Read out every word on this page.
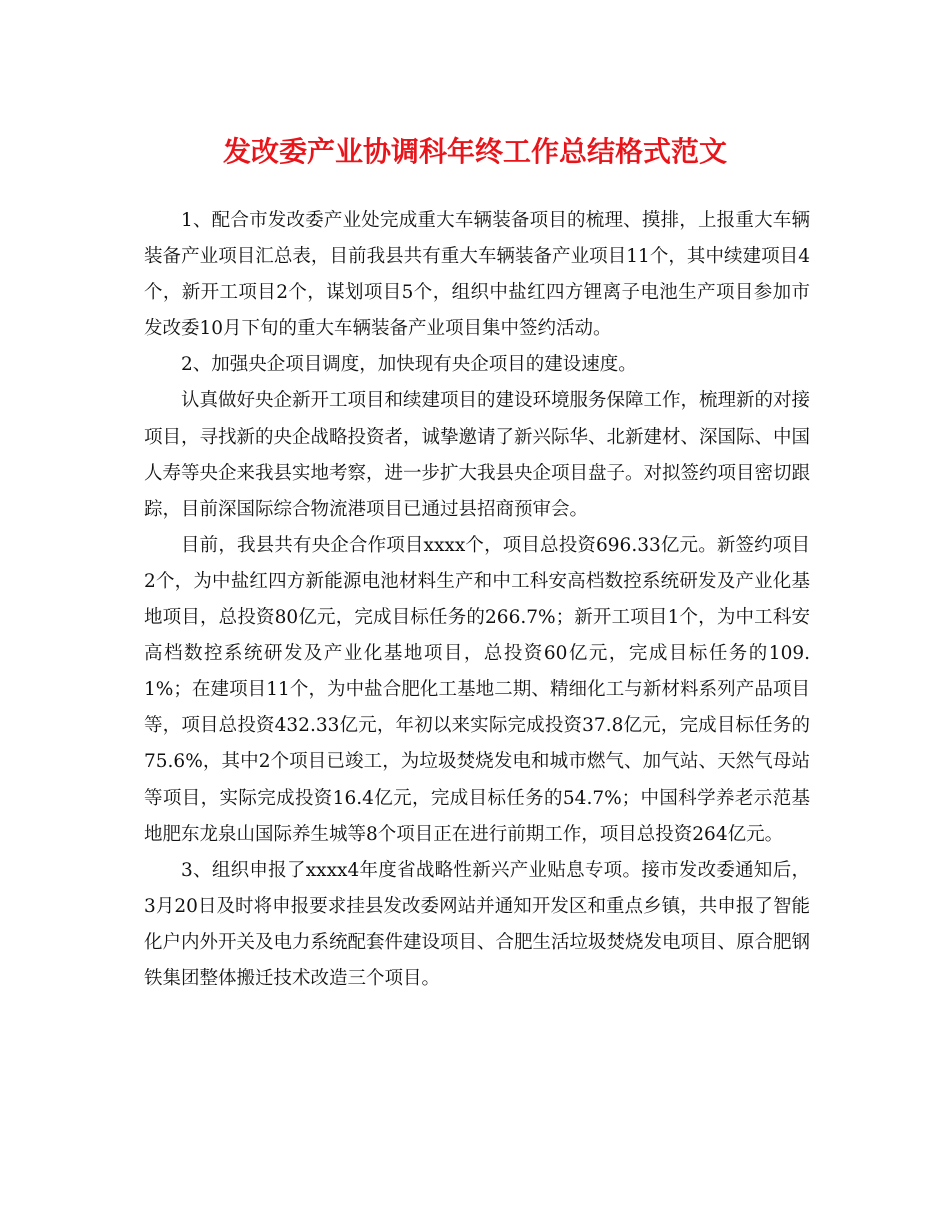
发改委产业协调科年终工作总结格式范文

1、配合市发改委产业处完成重大车辆装备项目的梳理、摸排，上报重大车辆装备产业项目汇总表，目前我县共有重大车辆装备产业项目11个，其中续建项目4个，新开工项目2个，谋划项目5个，组织中盐红四方锂离子电池生产项目参加市发改委10月下旬的重大车辆装备产业项目集中签约活动。

2、加强央企项目调度，加快现有央企项目的建设速度。

认真做好央企新开工项目和续建项目的建设环境服务保障工作，梳理新的对接项目，寻找新的央企战略投资者，诚挚邀请了新兴际华、北新建材、深国际、中国人寿等央企来我县实地考察，进一步扩大我县央企项目盘子。对拟签约项目密切跟踪，目前深国际综合物流港项目已通过县招商预审会。

目前，我县共有央企合作项目xxxx个，项目总投资696.33亿元。新签约项目2个，为中盐红四方新能源电池材料生产和中工科安高档数控系统研发及产业化基地项目，总投资80亿元，完成目标任务的266.7%；新开工项目1个，为中工科安高档数控系统研发及产业化基地项目，总投资60亿元，完成目标任务的109.1%；在建项目11个，为中盐合肥化工基地二期、精细化工与新材料系列产品项目等，项目总投资432.33亿元，年初以来实际完成投资37.8亿元，完成目标任务的75.6%，其中2个项目已竣工，为垃圾焚烧发电和城市燃气、加气站、天然气母站等项目，实际完成投资16.4亿元，完成目标任务的54.7%；中国科学养老示范基地肥东龙泉山国际养生城等8个项目正在进行前期工作，项目总投资264亿元。

3、组织申报了xxxx4年度省战略性新兴产业贴息专项。接市发改委通知后，3月20日及时将申报要求挂县发改委网站并通知开发区和重点乡镇，共申报了智能化户内外开关及电力系统配套件建设项目、合肥生活垃圾焚烧发电项目、原合肥钢铁集团整体搬迁技术改造三个项目。
